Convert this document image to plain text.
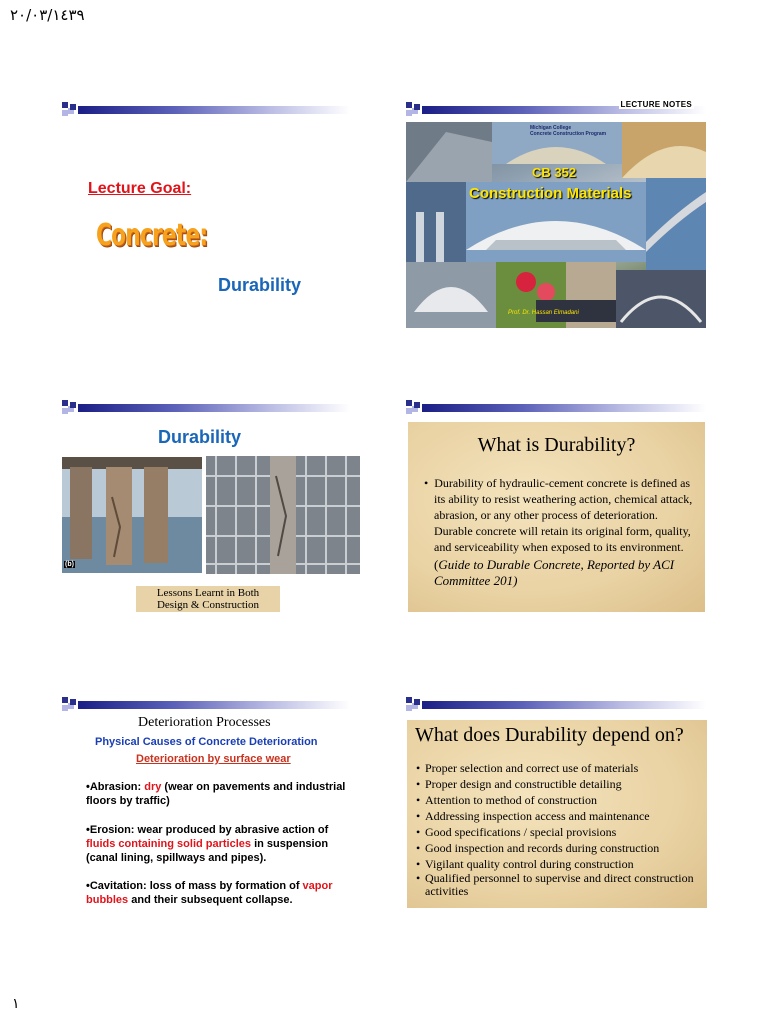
٢٠/٠٣/١٤٣٩
١
Lecture Goal:
Concrete:
Durability
LECTURE NOTES
Michigan College
Concrete Construction Program
CB 352
Construction Materials
Prof. Dr. Hassan Elmadani
Durability
(b)
Lessons Learnt in Both
Design & Construction
What is Durability?
•  Durability of hydraulic-cement concrete is defined as its ability to resist weathering action, chemical attack, abrasion, or any other process of deterioration. Durable concrete will retain its original form, quality, and serviceability when exposed to its environment.
(Guide to Durable Concrete, Reported by ACI Committee 201)
Deterioration Processes
Physical Causes of Concrete Deterioration
Deterioration by surface wear
•Abrasion: dry (wear on pavements and industrial floors by traffic)
•Erosion: wear produced by abrasive action of fluids containing solid particles in suspension (canal lining, spillways and pipes).
•Cavitation: loss of mass by formation of vapor bubbles and their subsequent collapse.
What does Durability depend on?
• Proper selection and correct use of materials
• Proper design and constructible detailing
• Attention to method of construction
• Addressing inspection access and maintenance
• Good specifications / special provisions
• Good inspection and records during construction
• Vigilant quality control during construction
• Qualified personnel to supervise and direct construction activities
